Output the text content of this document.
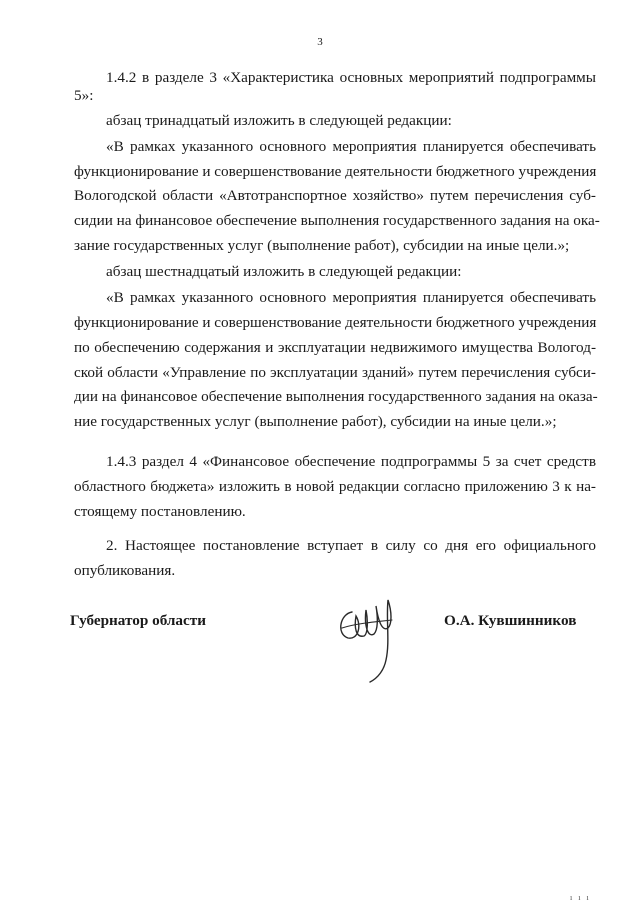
3
1.4.2 в разделе 3 «Характеристика основных мероприятий подпрограммы
5»:
абзац тринадцатый изложить в следующей редакции:
«В рамках указанного основного мероприятия планируется обеспечивать
функционирование и совершенствование деятельности бюджетного учреждения
Вологодской области «Автотранспортное хозяйство» путем перечисления суб-
сидии на финансовое обеспечение выполнения государственного задания на ока-
зание государственных услуг (выполнение работ), субсидии на иные цели.»;
абзац шестнадцатый изложить в следующей редакции:
«В рамках указанного основного мероприятия планируется обеспечивать
функционирование и совершенствование деятельности бюджетного учреждения
по обеспечению содержания и эксплуатации недвижимого имущества Вологод-
ской области «Управление по эксплуатации зданий» путем перечисления субси-
дии на финансовое обеспечение выполнения государственного задания на оказа-
ние государственных услуг (выполнение работ), субсидии на иные цели.»;
1.4.3 раздел 4 «Финансовое обеспечение подпрограммы 5 за счет средств
областного бюджета» изложить в новой редакции согласно приложению 3 к на-
стоящему постановлению.
2. Настоящее постановление вступает в силу со дня его официального
опубликования.
Губернатор области	О.А. Кувшинников
ı ı ı
